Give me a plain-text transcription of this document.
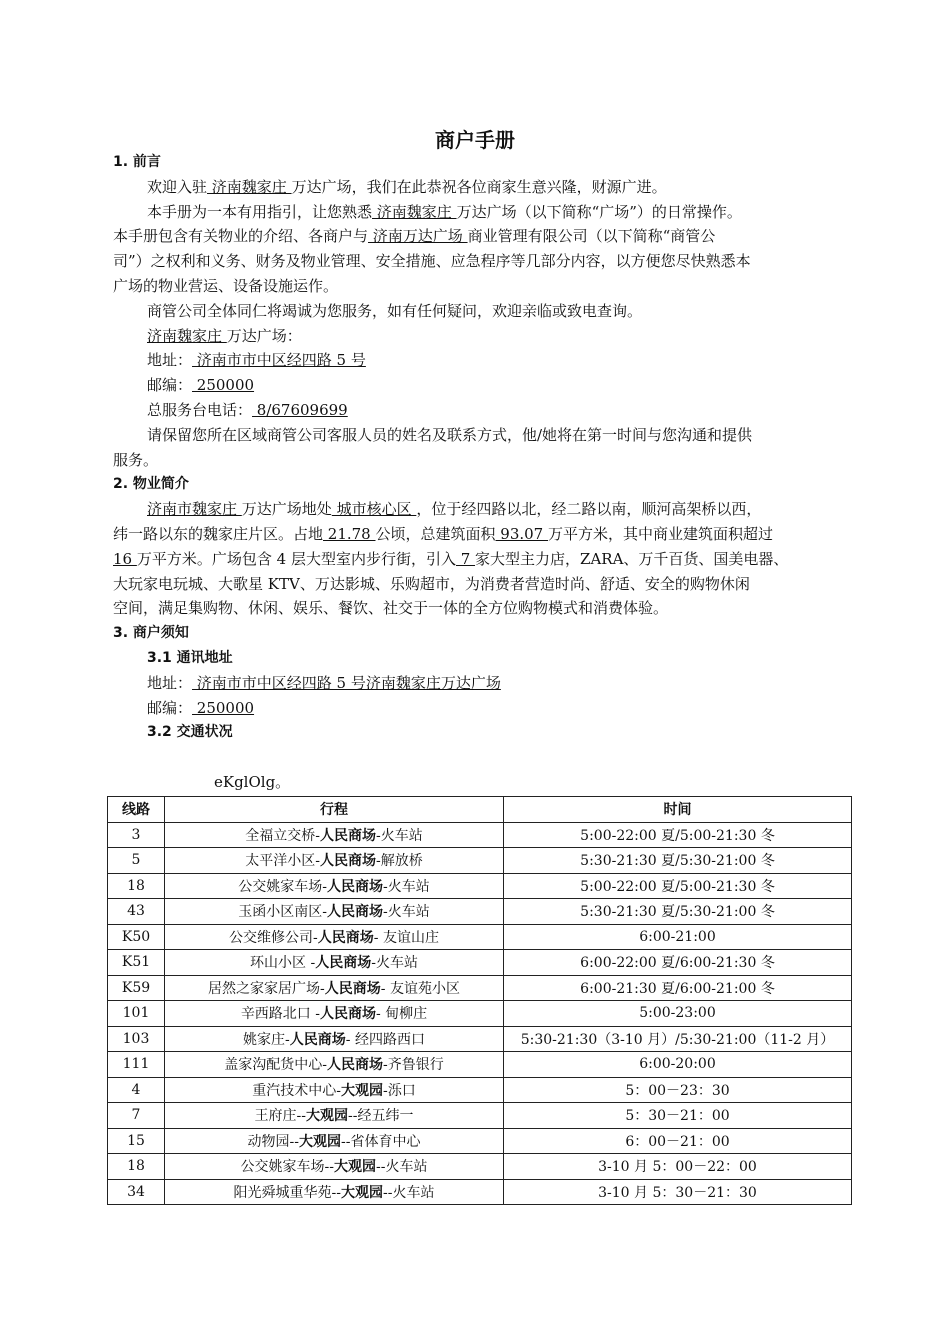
商户手册
1. 前言
欢迎入驻 济南魏家庄 万达广场，我们在此恭祝各位商家生意兴隆，财源广进。
本手册为一本有用指引，让您熟悉 济南魏家庄 万达广场（以下简称“广场”）的日常操作。
本手册包含有关物业的介绍、各商户与 济南万达广场 商业管理有限公司（以下简称“商管公
司”）之权利和义务、财务及物业管理、安全措施、应急程序等几部分内容，以方便您尽快熟悉本
广场的物业营运、设备设施运作。
商管公司全体同仁将竭诚为您服务，如有任何疑问，欢迎亲临或致电查询。
济南魏家庄 万达广场：
地址： 济南市市中区经四路 5 号
邮编： 250000
总服务台电话： 8/67609699
请保留您所在区域商管公司客服人员的姓名及联系方式，他/她将在第一时间与您沟通和提供
服务。
2. 物业简介
济南市魏家庄 万达广场地处 城市核心区 ，位于经四路以北，经二路以南，顺河高架桥以西，
纬一路以东的魏家庄片区。占地 21.78 公顷，总建筑面积 93.07 万平方米，其中商业建筑面积超过
16 万平方米。广场包含 4 层大型室内步行街，引入 7 家大型主力店，ZARA、万千百货、国美电器、
大玩家电玩城、大歌星 KTV、万达影城、乐购超市，为消费者营造时尚、舒适、安全的购物休闲
空间，满足集购物、休闲、娱乐、餐饮、社交于一体的全方位购物模式和消费体验。
3. 商户须知
3.1 通讯地址
地址： 济南市市中区经四路 5 号济南魏家庄万达广场
邮编： 250000
3.2 交通状况
eKglOlg。
线路	行程	时间
3	全福立交桥-人民商场-火车站	5:00-22:00 夏/5:00-21:30 冬
5	太平洋小区-人民商场-解放桥	5:30-21:30 夏/5:30-21:00 冬
18	公交姚家车场-人民商场-火车站	5:00-22:00 夏/5:00-21:30 冬
43	玉函小区南区-人民商场-火车站	5:30-21:30 夏/5:30-21:00 冬
K50	公交维修公司-人民商场- 友谊山庄	6:00-21:00
K51	环山小区 -人民商场-火车站	6:00-22:00 夏/6:00-21:30 冬
K59	居然之家家居广场-人民商场- 友谊苑小区	6:00-21:30 夏/6:00-21:00 冬
101	辛西路北口 -人民商场- 甸柳庄	5:00-23:00
103	姚家庄-人民商场- 经四路西口	5:30-21:30（3-10 月）/5:30-21:00（11-2 月）
111	盖家沟配货中心-人民商场-齐鲁银行	6:00-20:00
4	重汽技术中心-大观园-泺口	5：00－23：30
7	王府庄--大观园--经五纬一	5：30－21：00
15	动物园--大观园--省体育中心	6：00－21：00
18	公交姚家车场--大观园--火车站	3-10 月 5：00－22：00
34	阳光舜城重华苑--大观园--火车站	3-10 月 5：30－21：30
